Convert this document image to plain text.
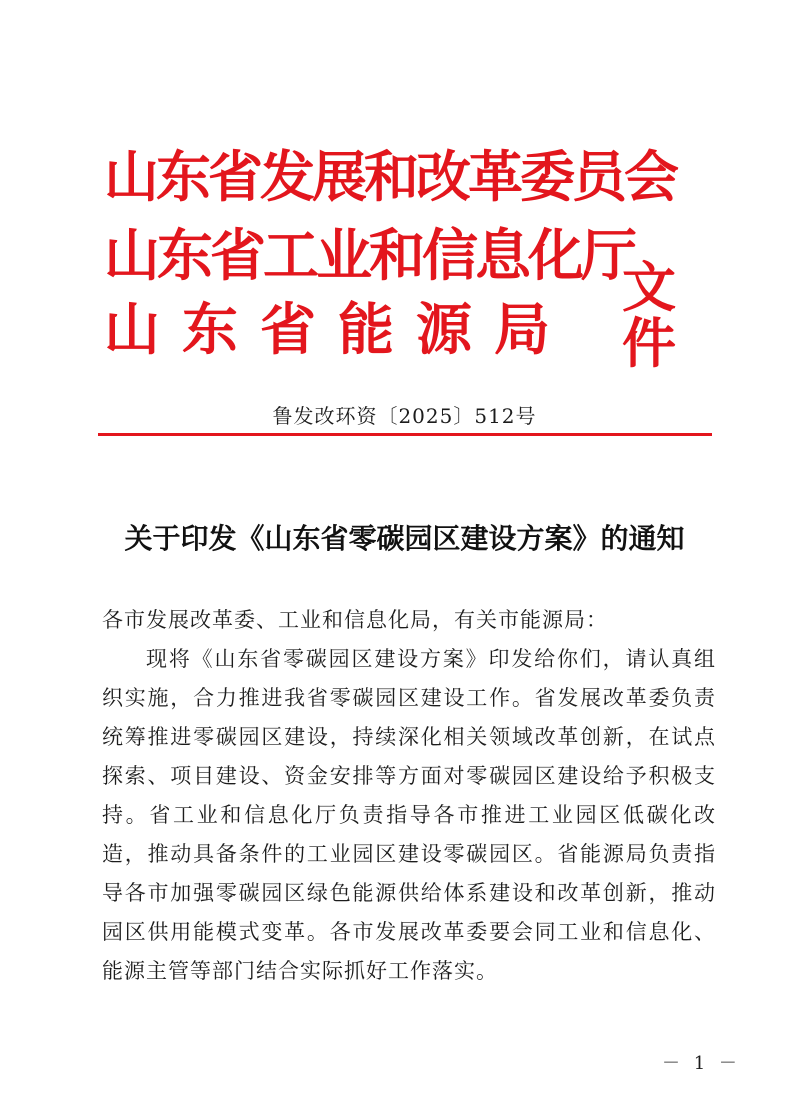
山东省发展和改革委员会
山东省工业和信息化厅
山 东 省 能 源 局
文件
鲁发改环资〔2025〕512号
关于印发《山东省零碳园区建设方案》的通知
各市发展改革委、工业和信息化局，有关市能源局：
现将《山东省零碳园区建设方案》印发给你们，请认真组织实施，合力推进我省零碳园区建设工作。省发展改革委负责统筹推进零碳园区建设，持续深化相关领域改革创新，在试点探索、项目建设、资金安排等方面对零碳园区建设给予积极支持。省工业和信息化厅负责指导各市推进工业园区低碳化改造，推动具备条件的工业园区建设零碳园区。省能源局负责指导各市加强零碳园区绿色能源供给体系建设和改革创新，推动园区供用能模式变革。各市发展改革委要会同工业和信息化、能源主管等部门结合实际抓好工作落实。
－ 1 －
